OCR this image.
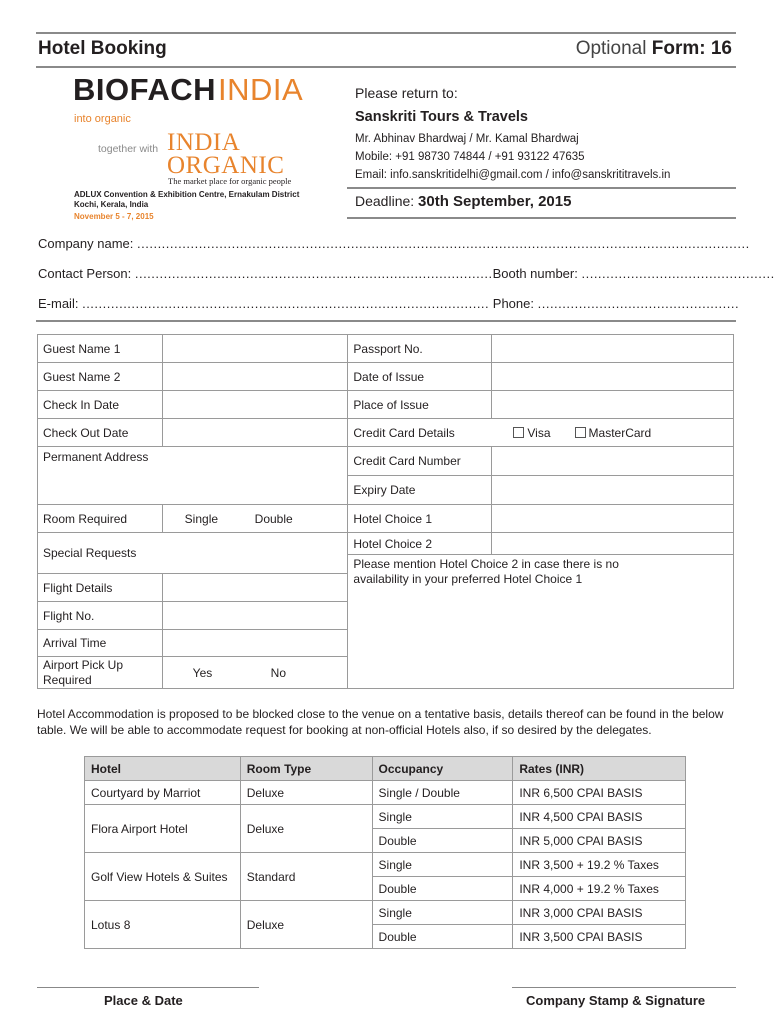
Hotel Booking	Optional Form: 16
BIOFACHINDIA
into organic
together with INDIA
ORGANIC
The market place for organic people
ADLUX Convention & Exhibition Centre, Ernakulam District
Kochi, Kerala, India
November 5 - 7, 2015
Please return to:
Sanskriti Tours & Travels
Mr. Abhinav Bhardwaj / Mr. Kamal Bhardwaj
Mobile: +91 98730 74844 / +91 93122 47635
Email: info.sanskritidelhi@gmail.com / info@sanskrititravels.in
Deadline: 30th September, 2015
Company name: .....................................................................................................................................................
Contact Person: .......................................................................................Booth number: ...............................................
E-mail: ................................................................................................... Phone: .................................................
Guest Name 1		Passport No.

Guest Name 2		Date of Issue

Check In Date		Place of Issue

Check Out Date		Credit Card Details Visa MasterCard

Permanent Address		Credit Card Number
Expiry Date

Room Required	Single Double	Hotel Choice 1

Special Requests		Hotel Choice 2
Please mention Hotel Choice 2 in case there is no availability in your preferred Hotel Choice 1

Flight Details		
Flight No.		
Arrival Time		
Airport Pick Up Required	Yes No	
Hotel Accommodation is proposed to be blocked close to the venue on a tentative basis, details thereof can be found in the below table. We will be able to accommodate request for booking at non-official Hotels also, if so desired by the delegates.
Hotel	Room Type	Occupancy	Rates (INR)
Courtyard by Marriot	Deluxe	Single / Double	INR 6,500 CPAI BASIS
Flora Airport Hotel	Deluxe	Single	INR 4,500 CPAI BASIS
		Double	INR 5,000 CPAI BASIS
Golf View Hotels & Suites	Standard	Single	INR 3,500 + 19.2 % Taxes
		Double	INR 4,000 + 19.2 % Taxes
Lotus 8	Deluxe	Single	INR 3,000 CPAI BASIS
		Double	INR 3,500 CPAI BASIS
Place & Date	Company Stamp & Signature
